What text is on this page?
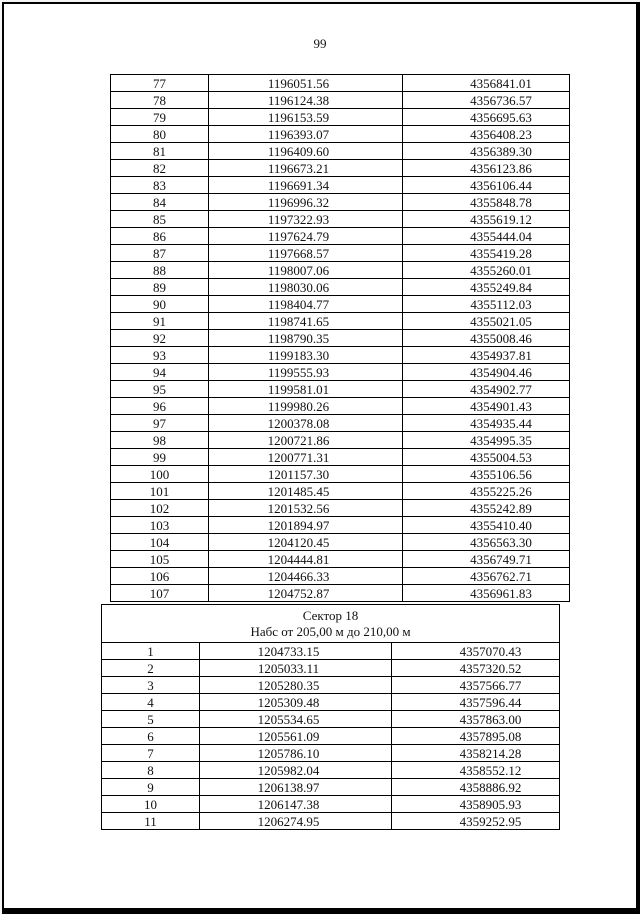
99
77	1196051.56	4356841.01
78	1196124.38	4356736.57
79	1196153.59	4356695.63
80	1196393.07	4356408.23
81	1196409.60	4356389.30
82	1196673.21	4356123.86
83	1196691.34	4356106.44
84	1196996.32	4355848.78
85	1197322.93	4355619.12
86	1197624.79	4355444.04
87	1197668.57	4355419.28
88	1198007.06	4355260.01
89	1198030.06	4355249.84
90	1198404.77	4355112.03
91	1198741.65	4355021.05
92	1198790.35	4355008.46
93	1199183.30	4354937.81
94	1199555.93	4354904.46
95	1199581.01	4354902.77
96	1199980.26	4354901.43
97	1200378.08	4354935.44
98	1200721.86	4354995.35
99	1200771.31	4355004.53
100	1201157.30	4355106.56
101	1201485.45	4355225.26
102	1201532.56	4355242.89
103	1201894.97	4355410.40
104	1204120.45	4356563.30
105	1204444.81	4356749.71
106	1204466.33	4356762.71
107	1204752.87	4356961.83
Сектор 18
Набс от 205,00 м до 210,00 м		

1	1204733.15	4357070.43
2	1205033.11	4357320.52
3	1205280.35	4357566.77
4	1205309.48	4357596.44
5	1205534.65	4357863.00
6	1205561.09	4357895.08
7	1205786.10	4358214.28
8	1205982.04	4358552.12
9	1206138.97	4358886.92
10	1206147.38	4358905.93
11	1206274.95	4359252.95
